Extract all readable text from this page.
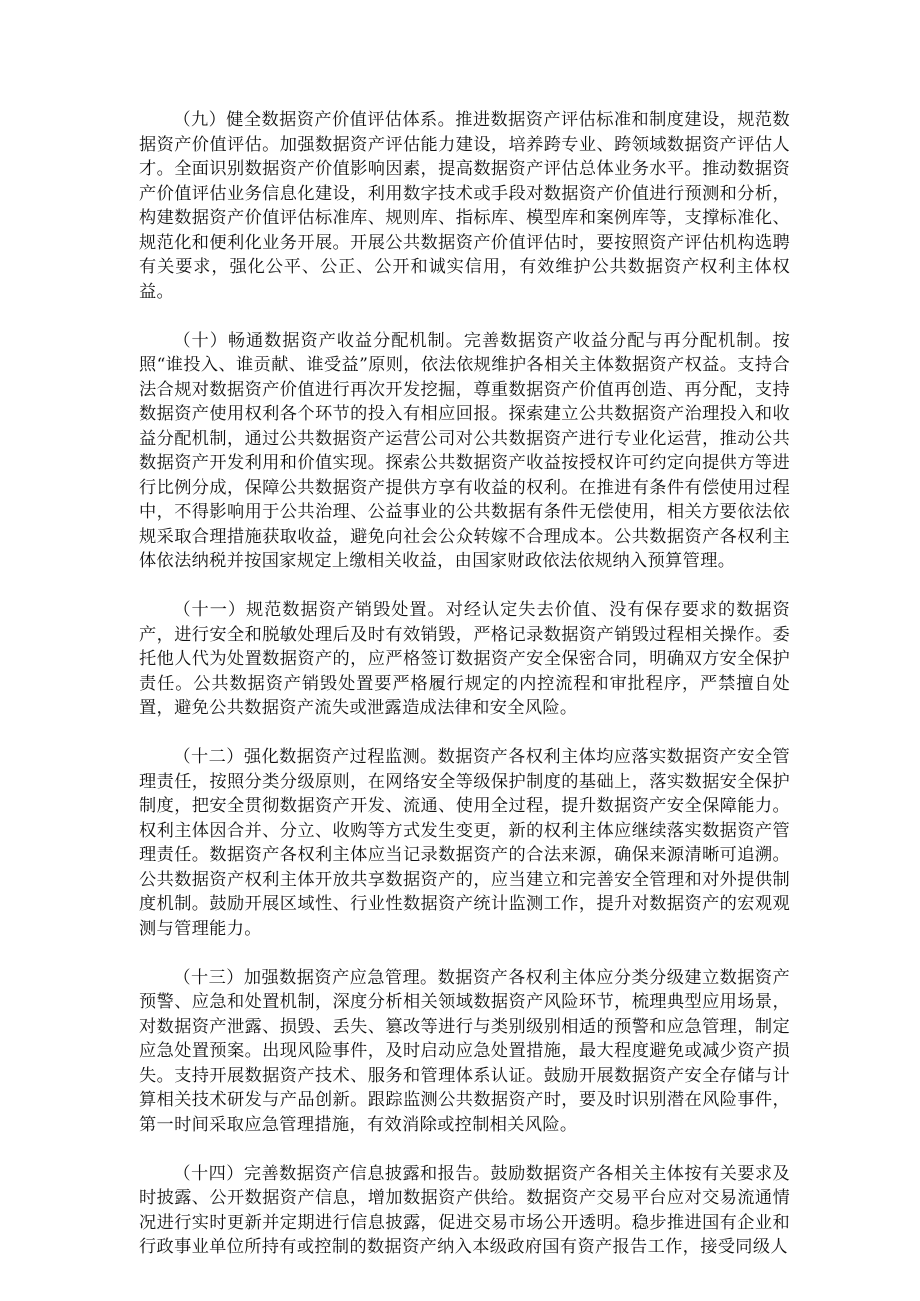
（九）健全数据资产价值评估体系。推进数据资产评估标准和制度建设，规范数据资产价值评估。加强数据资产评估能力建设，培养跨专业、跨领域数据资产评估人才。全面识别数据资产价值影响因素，提高数据资产评估总体业务水平。推动数据资产价值评估业务信息化建设，利用数字技术或手段对数据资产价值进行预测和分析，构建数据资产价值评估标准库、规则库、指标库、模型库和案例库等，支撑标准化、规范化和便利化业务开展。开展公共数据资产价值评估时，要按照资产评估机构选聘有关要求，强化公平、公正、公开和诚实信用，有效维护公共数据资产权利主体权益。

（十）畅通数据资产收益分配机制。完善数据资产收益分配与再分配机制。按照“谁投入、谁贡献、谁受益”原则，依法依规维护各相关主体数据资产权益。支持合法合规对数据资产价值进行再次开发挖掘，尊重数据资产价值再创造、再分配，支持数据资产使用权利各个环节的投入有相应回报。探索建立公共数据资产治理投入和收益分配机制，通过公共数据资产运营公司对公共数据资产进行专业化运营，推动公共数据资产开发利用和价值实现。探索公共数据资产收益按授权许可约定向提供方等进行比例分成，保障公共数据资产提供方享有收益的权利。在推进有条件有偿使用过程中，不得影响用于公共治理、公益事业的公共数据有条件无偿使用，相关方要依法依规采取合理措施获取收益，避免向社会公众转嫁不合理成本。公共数据资产各权利主体依法纳税并按国家规定上缴相关收益，由国家财政依法依规纳入预算管理。

（十一）规范数据资产销毁处置。对经认定失去价值、没有保存要求的数据资产，进行安全和脱敏处理后及时有效销毁，严格记录数据资产销毁过程相关操作。委托他人代为处置数据资产的，应严格签订数据资产安全保密合同，明确双方安全保护责任。公共数据资产销毁处置要严格履行规定的内控流程和审批程序，严禁擅自处置，避免公共数据资产流失或泄露造成法律和安全风险。

（十二）强化数据资产过程监测。数据资产各权利主体均应落实数据资产安全管理责任，按照分类分级原则，在网络安全等级保护制度的基础上，落实数据安全保护制度，把安全贯彻数据资产开发、流通、使用全过程，提升数据资产安全保障能力。权利主体因合并、分立、收购等方式发生变更，新的权利主体应继续落实数据资产管理责任。数据资产各权利主体应当记录数据资产的合法来源，确保来源清晰可追溯。公共数据资产权利主体开放共享数据资产的，应当建立和完善安全管理和对外提供制度机制。鼓励开展区域性、行业性数据资产统计监测工作，提升对数据资产的宏观观测与管理能力。

（十三）加强数据资产应急管理。数据资产各权利主体应分类分级建立数据资产预警、应急和处置机制，深度分析相关领域数据资产风险环节，梳理典型应用场景，对数据资产泄露、损毁、丢失、篡改等进行与类别级别相适的预警和应急管理，制定应急处置预案。出现风险事件，及时启动应急处置措施，最大程度避免或减少资产损失。支持开展数据资产技术、服务和管理体系认证。鼓励开展数据资产安全存储与计算相关技术研发与产品创新。跟踪监测公共数据资产时，要及时识别潜在风险事件，第一时间采取应急管理措施，有效消除或控制相关风险。

（十四）完善数据资产信息披露和报告。鼓励数据资产各相关主体按有关要求及时披露、公开数据资产信息，增加数据资产供给。数据资产交易平台应对交易流通情况进行实时更新并定期进行信息披露，促进交易市场公开透明。稳步推进国有企业和行政事业单位所持有或控制的数据资产纳入本级政府国有资产报告工作，接受同级人
